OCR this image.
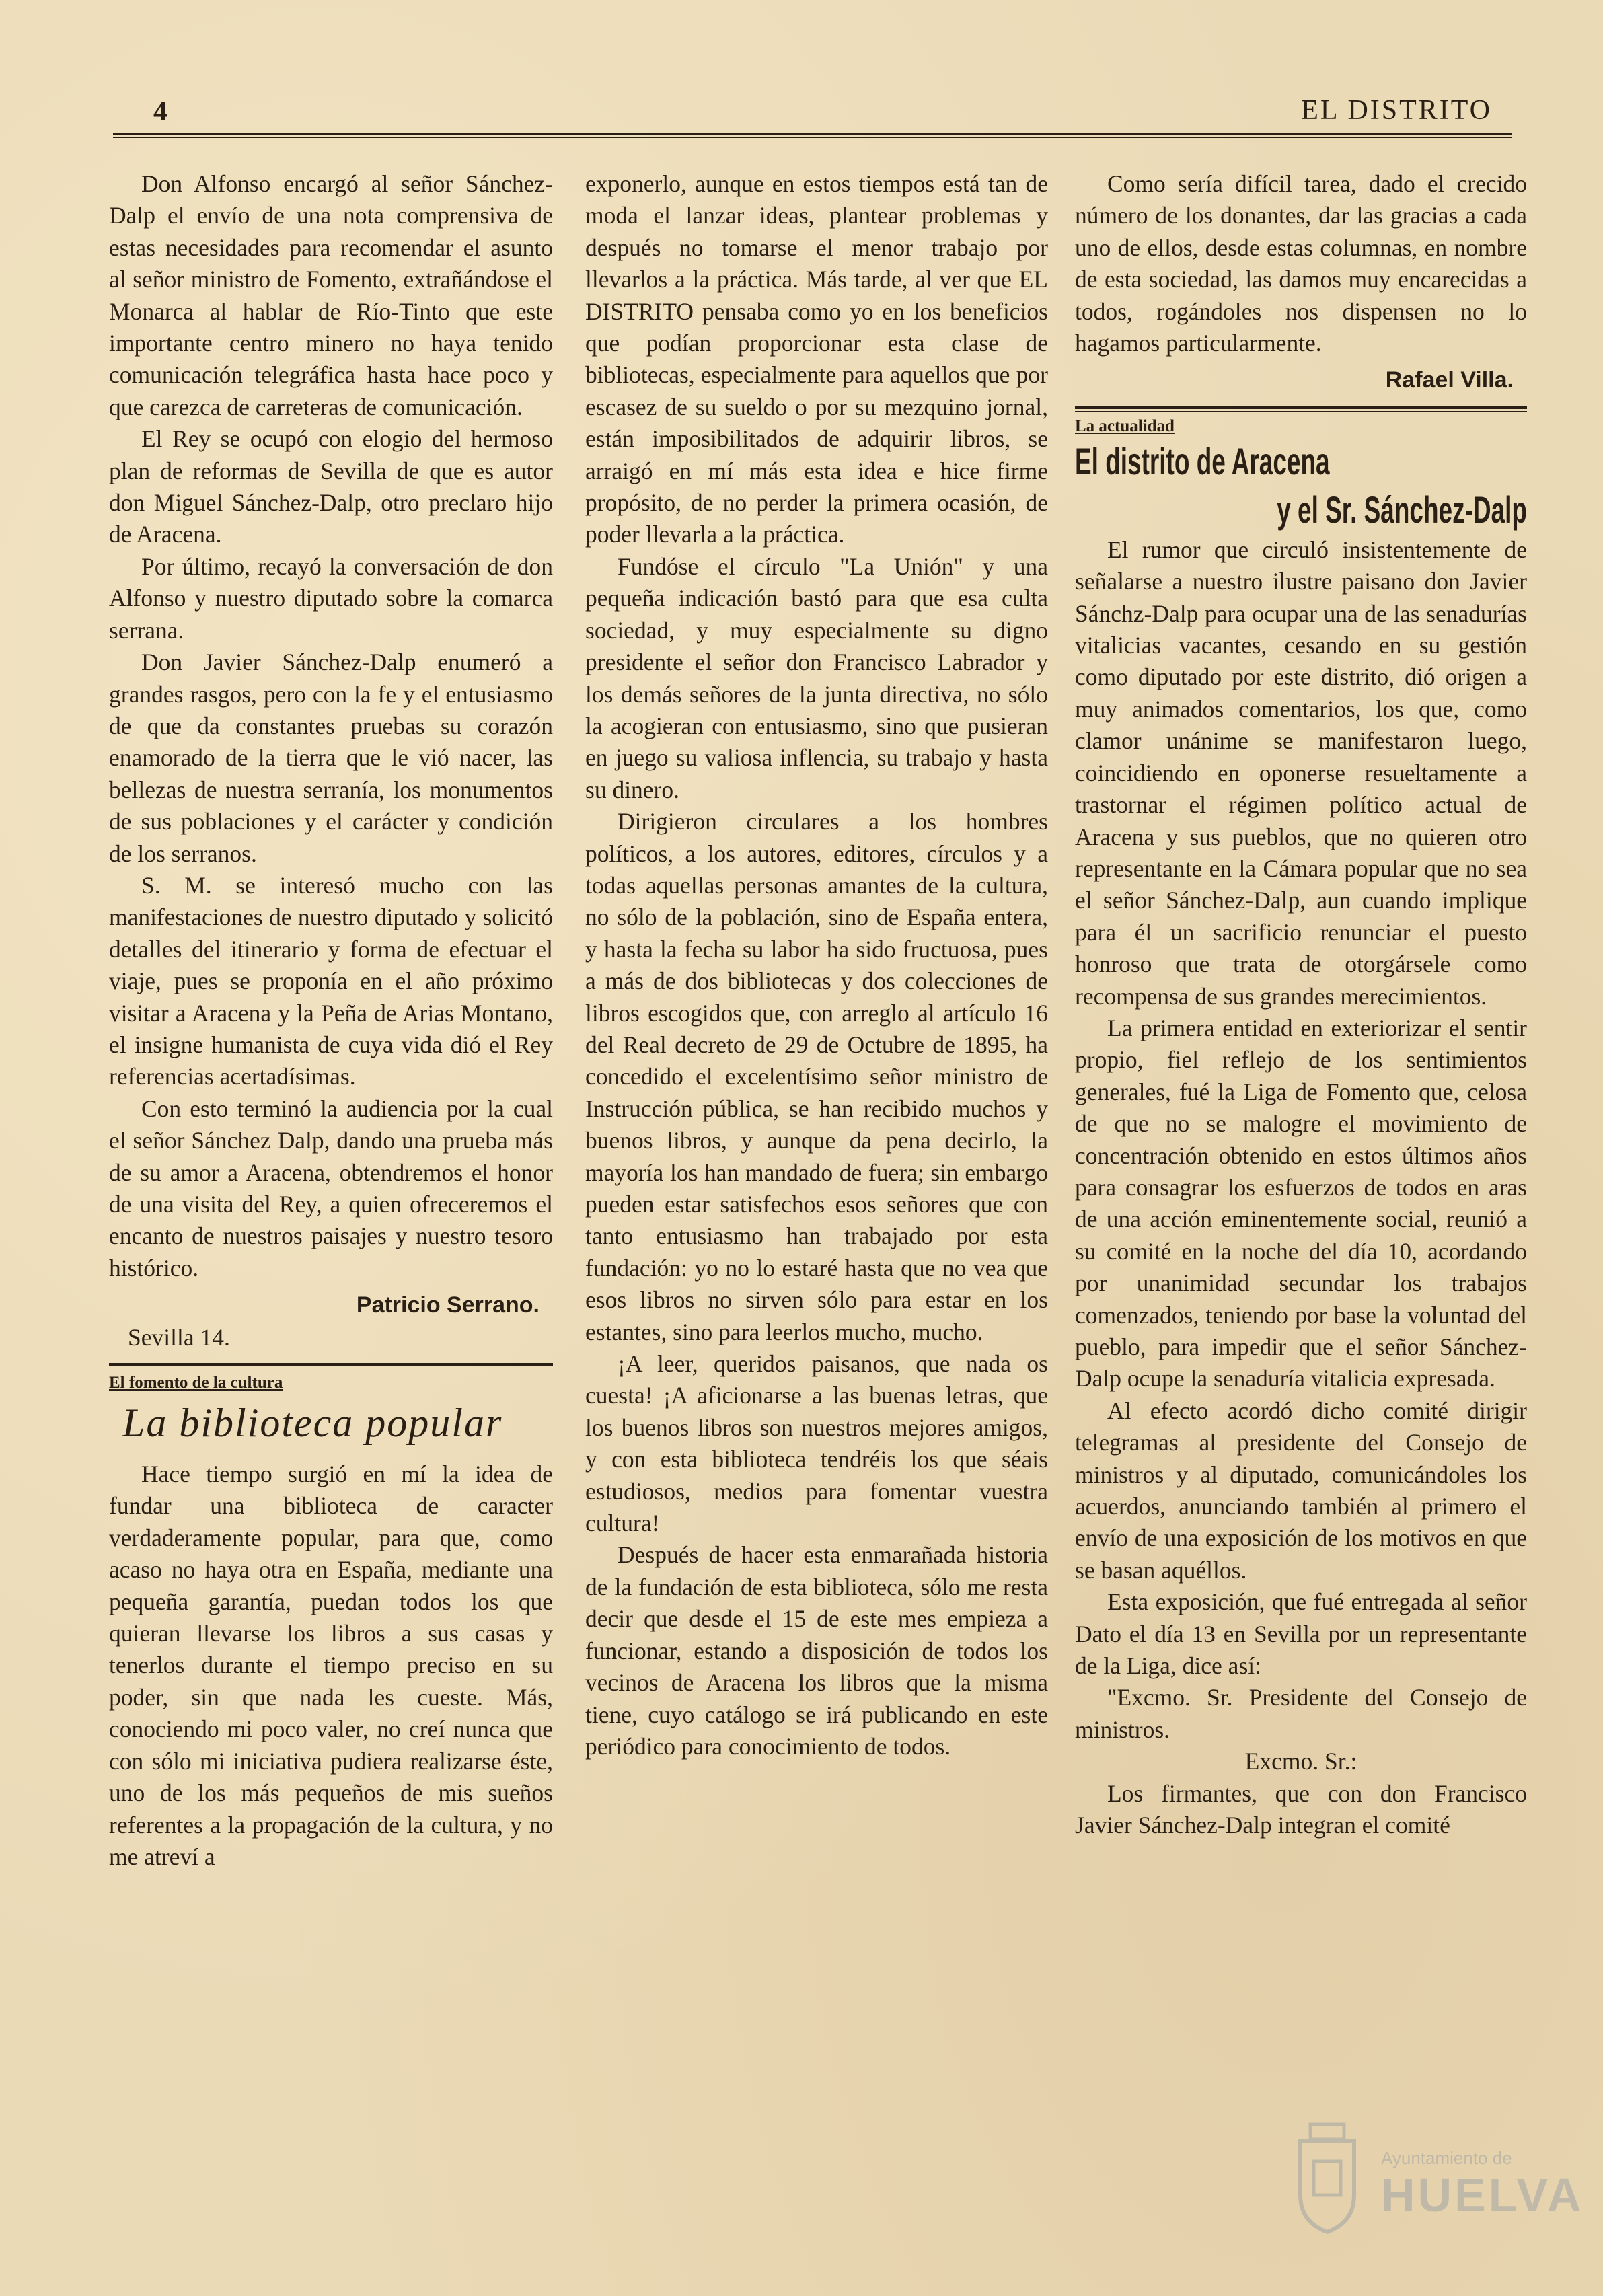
4	EL DISTRITO

Don Alfonso encargó al señor Sánchez-Dalp el envío de una nota comprensiva de estas necesidades para recomendar el asunto al señor ministro de Fomento, extrañándose el Monarca al hablar de Río-Tinto que este importante centro minero no haya tenido comunicación telegráfica hasta hace poco y que carezca de carreteras de comunicación.

El Rey se ocupó con elogio del hermoso plan de reformas de Sevilla de que es autor don Miguel Sánchez-Dalp, otro preclaro hijo de Aracena.

Por último, recayó la conversación de don Alfonso y nuestro diputado sobre la comarca serrana.

Don Javier Sánchez-Dalp enumeró a grandes rasgos, pero con la fe y el entusiasmo de que da constantes pruebas su corazón enamorado de la tierra que le vió nacer, las bellezas de nuestra serranía, los monumentos de sus poblaciones y el carácter y condición de los serranos.

S. M. se interesó mucho con las manifestaciones de nuestro diputado y solicitó detalles del itinerario y forma de efectuar el viaje, pues se proponía en el año próximo visitar a Aracena y la Peña de Arias Montano, el insigne humanista de cuya vida dió el Rey referencias acertadísimas.

Con esto terminó la audiencia por la cual el señor Sánchez Dalp, dando una prueba más de su amor a Aracena, obtendremos el honor de una visita del Rey, a quien ofreceremos el encanto de nuestros paisajes y nuestro tesoro histórico.

Patricio Serrano.

Sevilla 14.

El fomento de la cultura

La biblioteca popular

Hace tiempo surgió en mí la idea de fundar una biblioteca de caracter verdaderamente popular, para que, como acaso no haya otra en España, mediante una pequeña garantía, puedan todos los que quieran llevarse los libros a sus casas y tenerlos durante el tiempo preciso en su poder, sin que nada les cueste. Más, conociendo mi poco valer, no creí nunca que con sólo mi iniciativa pudiera realizarse éste, uno de los más pequeños de mis sueños referentes a la propagación de la cultura, y no me atreví a

exponerlo, aunque en estos tiempos está tan de moda el lanzar ideas, plantear problemas y después no tomarse el menor trabajo por llevarlos a la práctica. Más tarde, al ver que EL DISTRITO pensaba como yo en los beneficios que podían proporcionar esta clase de bibliotecas, especialmente para aquellos que por escasez de su sueldo o por su mezquino jornal, están imposibilitados de adquirir libros, se arraigó en mí más esta idea e hice firme propósito, de no perder la primera ocasión, de poder llevarla a la práctica.

Fundóse el círculo "La Unión" y una pequeña indicación bastó para que esa culta sociedad, y muy especialmente su digno presidente el señor don Francisco Labrador y los demás señores de la junta directiva, no sólo la acogieran con entusiasmo, sino que pusieran en juego su valiosa inflencia, su trabajo y hasta su dinero.

Dirigieron circulares a los hombres políticos, a los autores, editores, círculos y a todas aquellas personas amantes de la cultura, no sólo de la población, sino de España entera, y hasta la fecha su labor ha sido fructuosa, pues a más de dos bibliotecas y dos colecciones de libros escogidos que, con arreglo al artículo 16 del Real decreto de 29 de Octubre de 1895, ha concedido el excelentísimo señor ministro de Instrucción pública, se han recibido muchos y buenos libros, y aunque da pena decirlo, la mayoría los han mandado de fuera; sin embargo pueden estar satisfechos esos señores que con tanto entusiasmo han trabajado por esta fundación: yo no lo estaré hasta que no vea que esos libros no sirven sólo para estar en los estantes, sino para leerlos mucho, mucho.

¡A leer, queridos paisanos, que nada os cuesta! ¡A aficionarse a las buenas letras, que los buenos libros son nuestros mejores amigos, y con esta biblioteca tendréis los que séais estudiosos, medios para fomentar vuestra cultura!

Después de hacer esta enmarañada historia de la fundación de esta biblioteca, sólo me resta decir que desde el 15 de este mes empieza a funcionar, estando a disposición de todos los vecinos de Aracena los libros que la misma tiene, cuyo catálogo se irá publicando en este periódico para conocimiento de todos.

Como sería difícil tarea, dado el crecido número de los donantes, dar las gracias a cada uno de ellos, desde estas columnas, en nombre de esta sociedad, las damos muy encarecidas a todos, rogándoles nos dispensen no lo hagamos particularmente.

Rafael Villa.

La actualidad

El distrito de Aracena

y el Sr. Sánchez-Dalp

El rumor que circuló insistentemente de señalarse a nuestro ilustre paisano don Javier Sánchz-Dalp para ocupar una de las senadurías vitalicias vacantes, cesando en su gestión como diputado por este distrito, dió origen a muy animados comentarios, los que, como clamor unánime se manifestaron luego, coincidiendo en oponerse resueltamente a trastornar el régimen político actual de Aracena y sus pueblos, que no quieren otro representante en la Cámara popular que no sea el señor Sánchez-Dalp, aun cuando implique para él un sacrificio renunciar el puesto honroso que trata de otorgársele como recompensa de sus grandes merecimientos.

La primera entidad en exteriorizar el sentir propio, fiel reflejo de los sentimientos generales, fué la Liga de Fomento que, celosa de que no se malogre el movimiento de concentración obtenido en estos últimos años para consagrar los esfuerzos de todos en aras de una acción eminentemente social, reunió a su comité en la noche del día 10, acordando por unanimidad secundar los trabajos comenzados, teniendo por base la voluntad del pueblo, para impedir que el señor Sánchez-Dalp ocupe la senaduría vitalicia expresada.

Al efecto acordó dicho comité dirigir telegramas al presidente del Consejo de ministros y al diputado, comunicándoles los acuerdos, anunciando también al primero el envío de una exposición de los motivos en que se basan aquéllos.

Esta exposición, que fué entregada al señor Dato el día 13 en Sevilla por un representante de la Liga, dice así:

"Excmo. Sr. Presidente del Consejo de ministros.

Excmo. Sr.:

Los firmantes, que con don Francisco Javier Sánchez-Dalp integran el comité

Ayuntamiento de
HUELVA
